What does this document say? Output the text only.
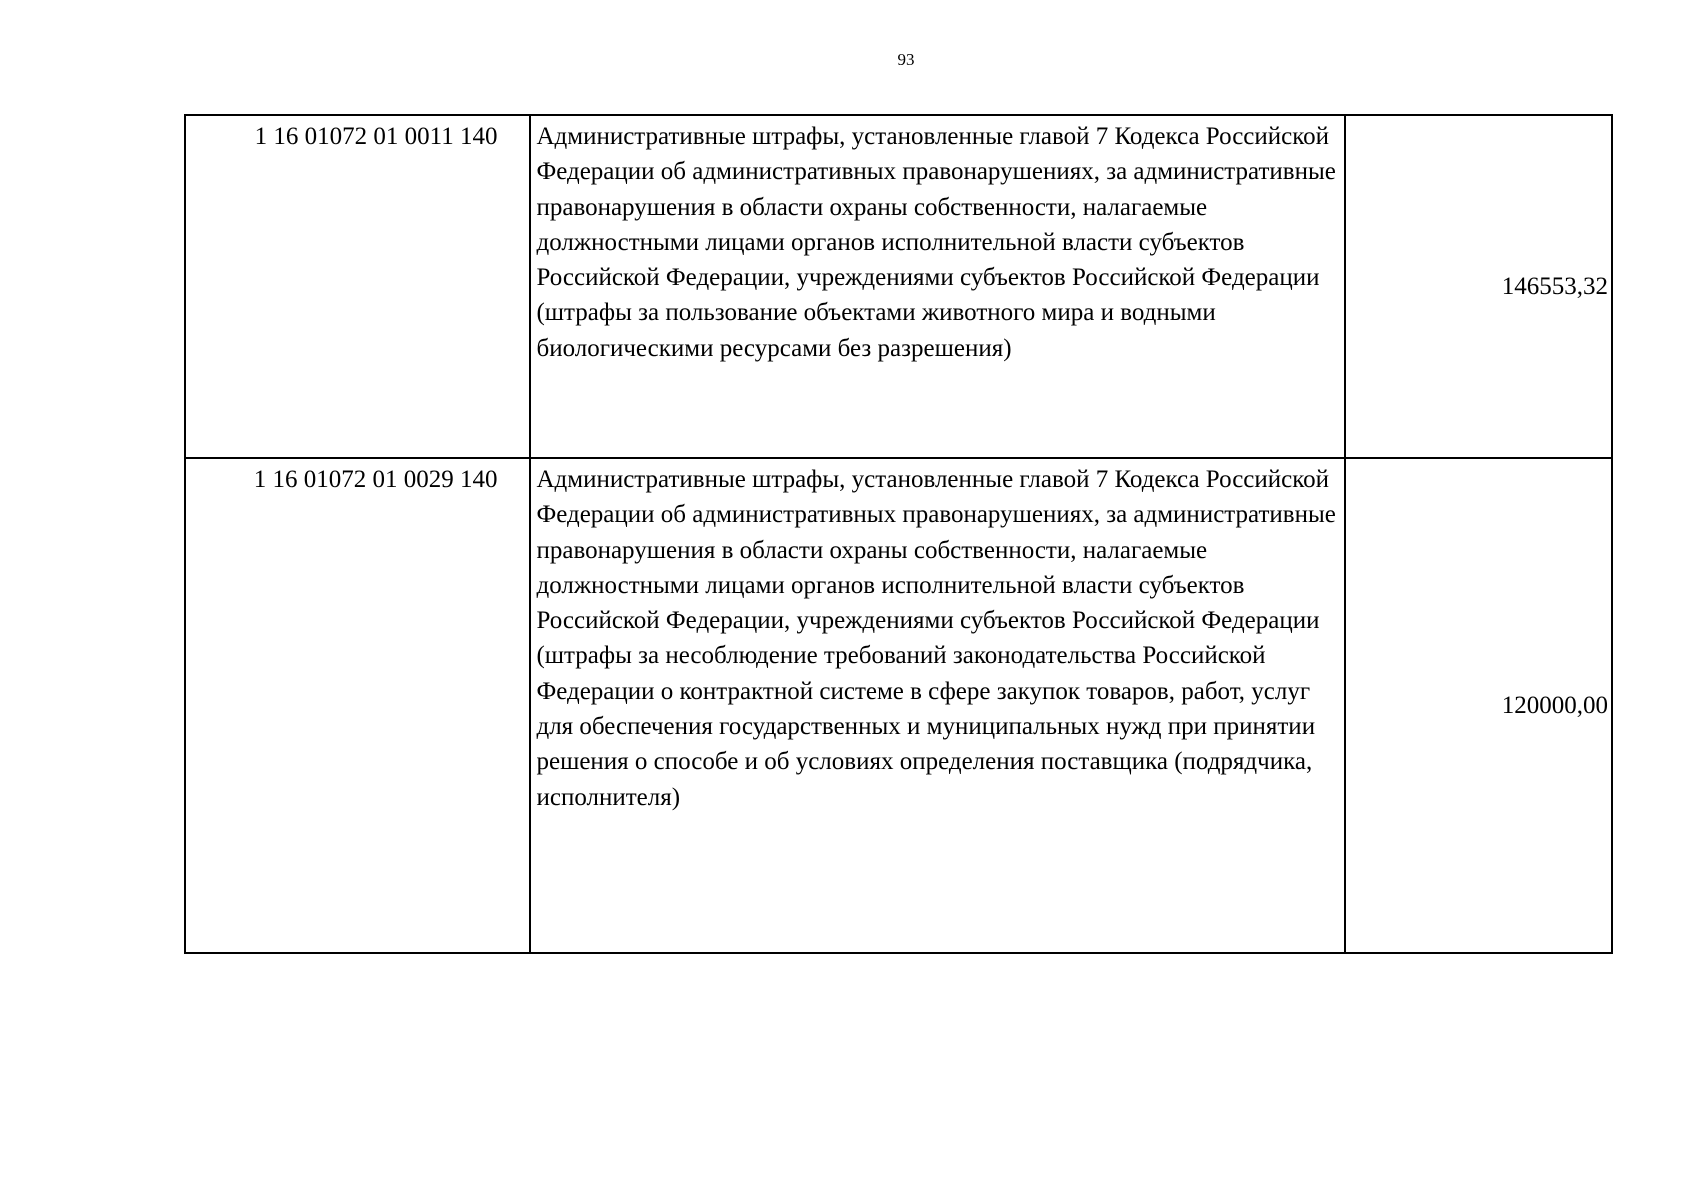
93
1 16 01072 01 0011 140	Административные штрафы, установленные главой 7 Кодекса Российской Федерации об административных правонарушениях, за административные правонарушения в области охраны собственности, налагаемые должностными лицами органов исполнительной власти субъектов Российской Федерации, учреждениями субъектов Российской Федерации (штрафы за пользование объектами животного мира и водными биологическими ресурсами без разрешения)	146553,32
1 16 01072 01 0029 140	Административные штрафы, установленные главой 7 Кодекса Российской Федерации об административных правонарушениях, за административные правонарушения в области охраны собственности, налагаемые должностными лицами органов исполнительной власти субъектов Российской Федерации, учреждениями субъектов Российской Федерации (штрафы за несоблюдение требований законодательства Российской Федерации о контрактной системе в сфере закупок товаров, работ, услуг для обеспечения государственных и муниципальных нужд при принятии решения о способе и об условиях определения поставщика (подрядчика, исполнителя)	120000,00
